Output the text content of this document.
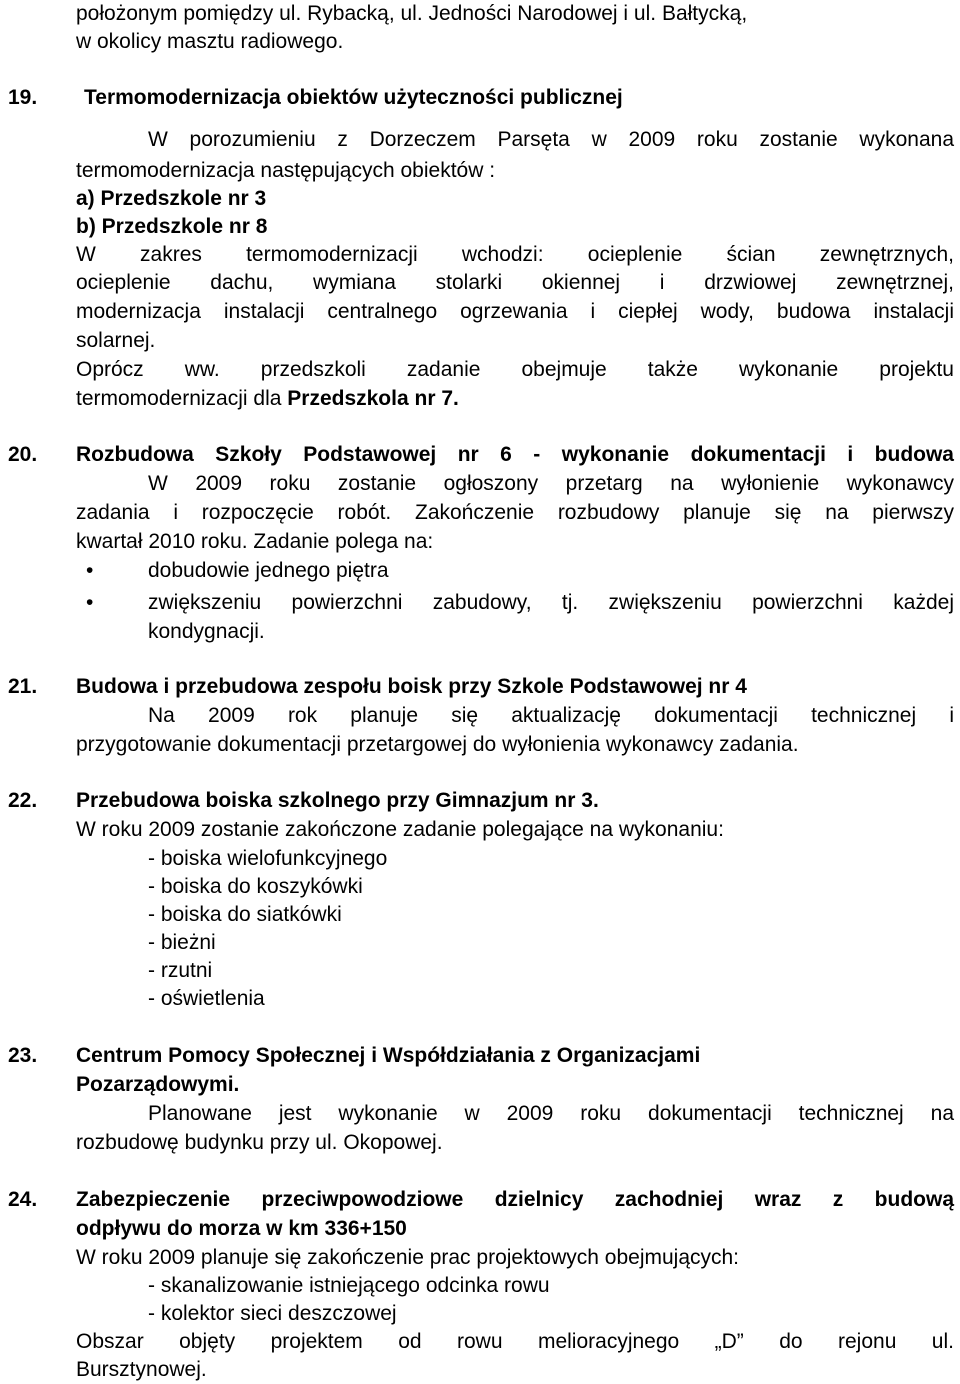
położonym pomiędzy ul. Rybacką, ul. Jedności Narodowej i ul. Bałtycką,
w okolicy masztu radiowego.
19. Termomodernizacja obiektów użyteczności publicznej
W porozumieniu z Dorzeczem Parsęta w 2009 roku zostanie wykonana
termomodernizacja następujących obiektów :
a) Przedszkole nr 3
b) Przedszkole nr 8
W zakres termomodernizacji wchodzi: ocieplenie ścian zewnętrznych,
ocieplenie dachu, wymiana stolarki okiennej i drzwiowej zewnętrznej,
modernizacja instalacji centralnego ogrzewania i ciepłej wody, budowa instalacji
solarnej.
Oprócz ww. przedszkoli zadanie obejmuje także wykonanie projektu
termomodernizacji dla Przedszkola nr 7.
20. Rozbudowa Szkoły Podstawowej nr 6 - wykonanie dokumentacji i budowa
W 2009 roku zostanie ogłoszony przetarg na wyłonienie wykonawcy
zadania i rozpoczęcie robót. Zakończenie rozbudowy planuje się na pierwszy
kwartał 2010 roku. Zadanie polega na:
•	dobudowie jednego piętra
•	zwiększeniu powierzchni zabudowy, tj. zwiększeniu powierzchni każdej
kondygnacji.
21. Budowa i przebudowa zespołu boisk przy Szkole Podstawowej nr 4
Na 2009 rok planuje się aktualizację dokumentacji technicznej i
przygotowanie dokumentacji przetargowej do wyłonienia wykonawcy zadania.
22. Przebudowa boiska szkolnego przy Gimnazjum nr 3.
W roku 2009 zostanie zakończone zadanie polegające na wykonaniu:
- boiska wielofunkcyjnego
- boiska do koszykówki
- boiska do siatkówki
- bieżni
- rzutni
- oświetlenia
23. Centrum Pomocy Społecznej i Współdziałania z Organizacjami
Pozarządowymi.
Planowane jest wykonanie w 2009 roku dokumentacji technicznej na
rozbudowę budynku przy ul. Okopowej.
24. Zabezpieczenie przeciwpowodziowe dzielnicy zachodniej wraz z budową
odpływu do morza w km 336+150
W roku 2009 planuje się zakończenie prac projektowych obejmujących:
- skanalizowanie istniejącego odcinka rowu
- kolektor sieci deszczowej
Obszar objęty projektem od rowu melioracyjnego „D” do rejonu ul.
Bursztynowej.
